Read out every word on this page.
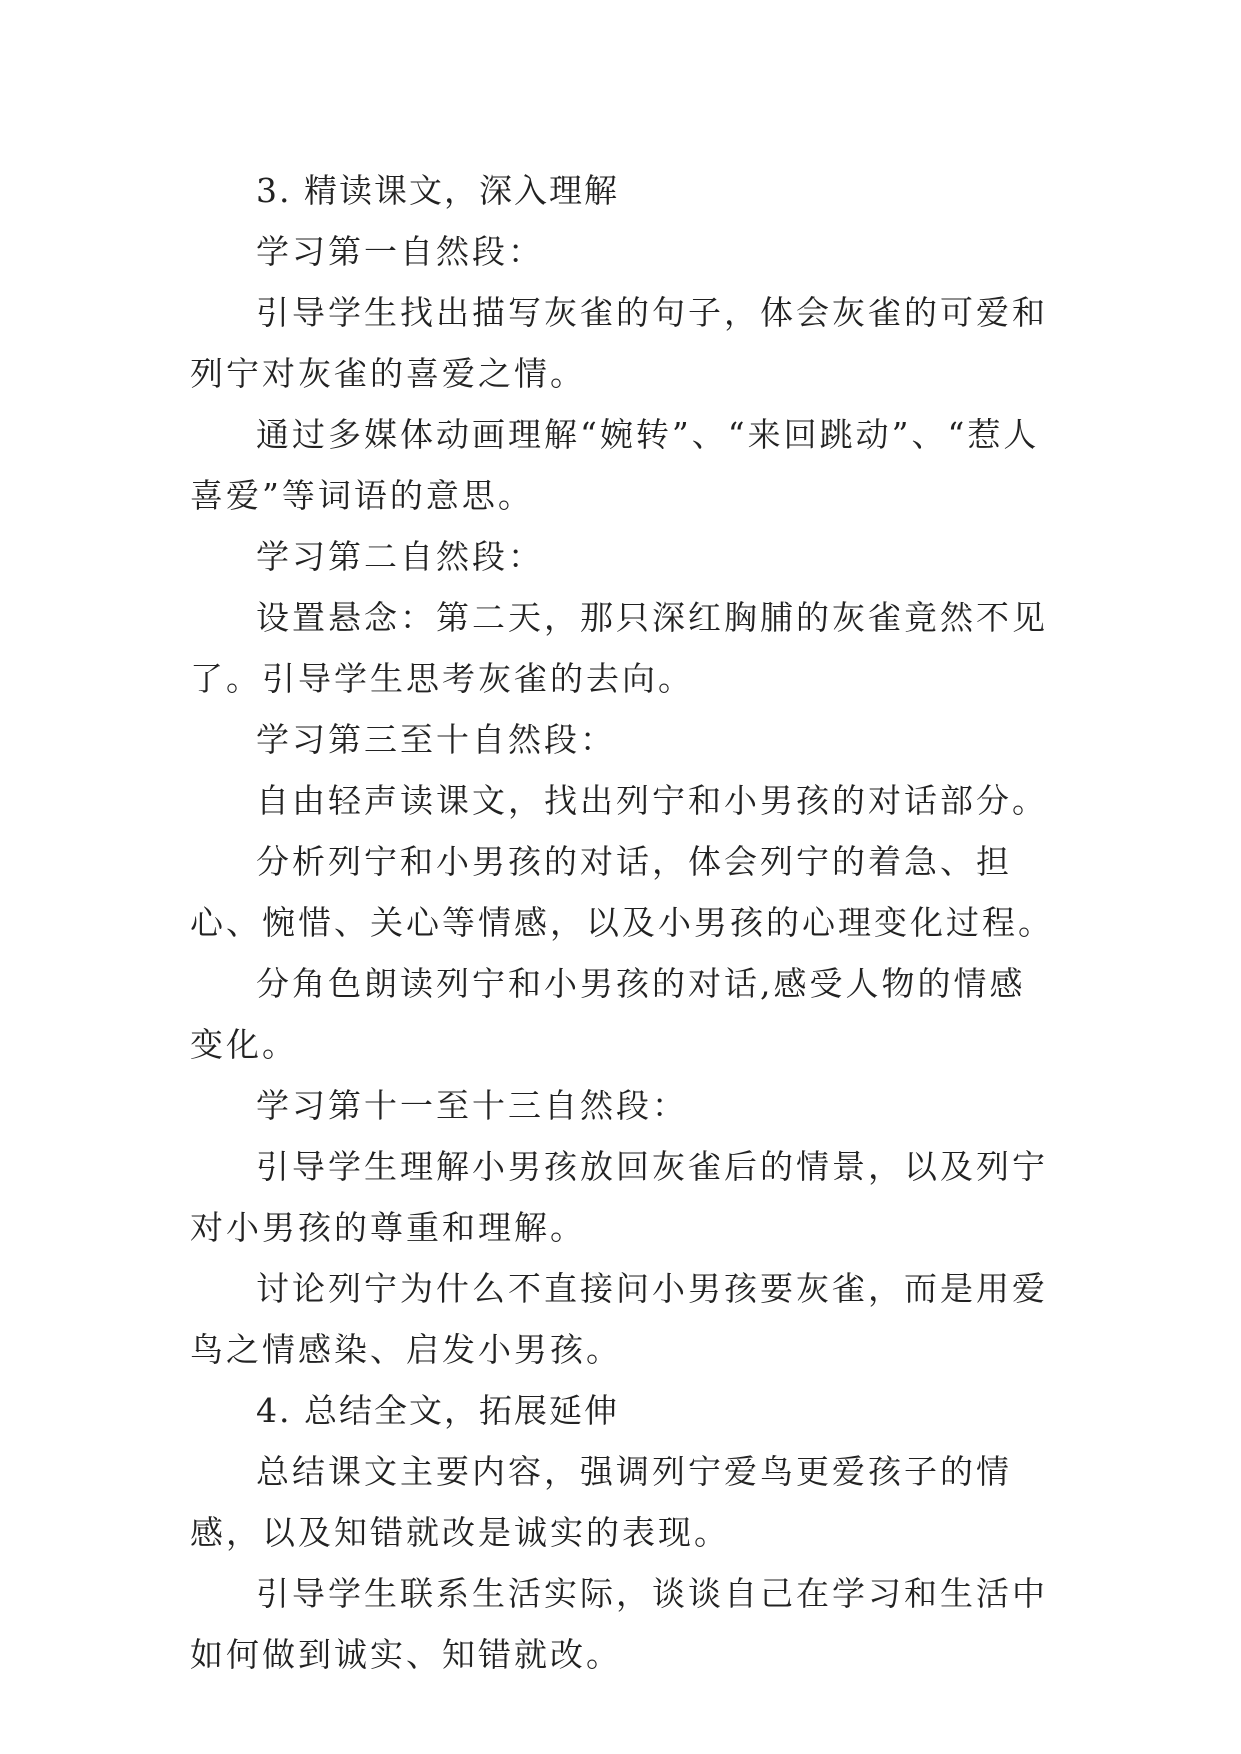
3. 精读课文，深入理解

学习第一自然段：

引导学生找出描写灰雀的句子，体会灰雀的可爱和列宁对灰雀的喜爱之情。

通过多媒体动画理解“婉转”、“来回跳动”、“惹人喜爱”等词语的意思。

学习第二自然段：

设置悬念：第二天，那只深红胸脯的灰雀竟然不见了。引导学生思考灰雀的去向。

学习第三至十自然段：

自由轻声读课文，找出列宁和小男孩的对话部分。

分析列宁和小男孩的对话，体会列宁的着急、担心、惋惜、关心等情感，以及小男孩的心理变化过程。

分角色朗读列宁和小男孩的对话,感受人物的情感变化。

学习第十一至十三自然段：

引导学生理解小男孩放回灰雀后的情景，以及列宁对小男孩的尊重和理解。

讨论列宁为什么不直接问小男孩要灰雀，而是用爱鸟之情感染、启发小男孩。

4. 总结全文，拓展延伸

总结课文主要内容，强调列宁爱鸟更爱孩子的情感，以及知错就改是诚实的表现。

引导学生联系生活实际，谈谈自己在学习和生活中如何做到诚实、知错就改。
